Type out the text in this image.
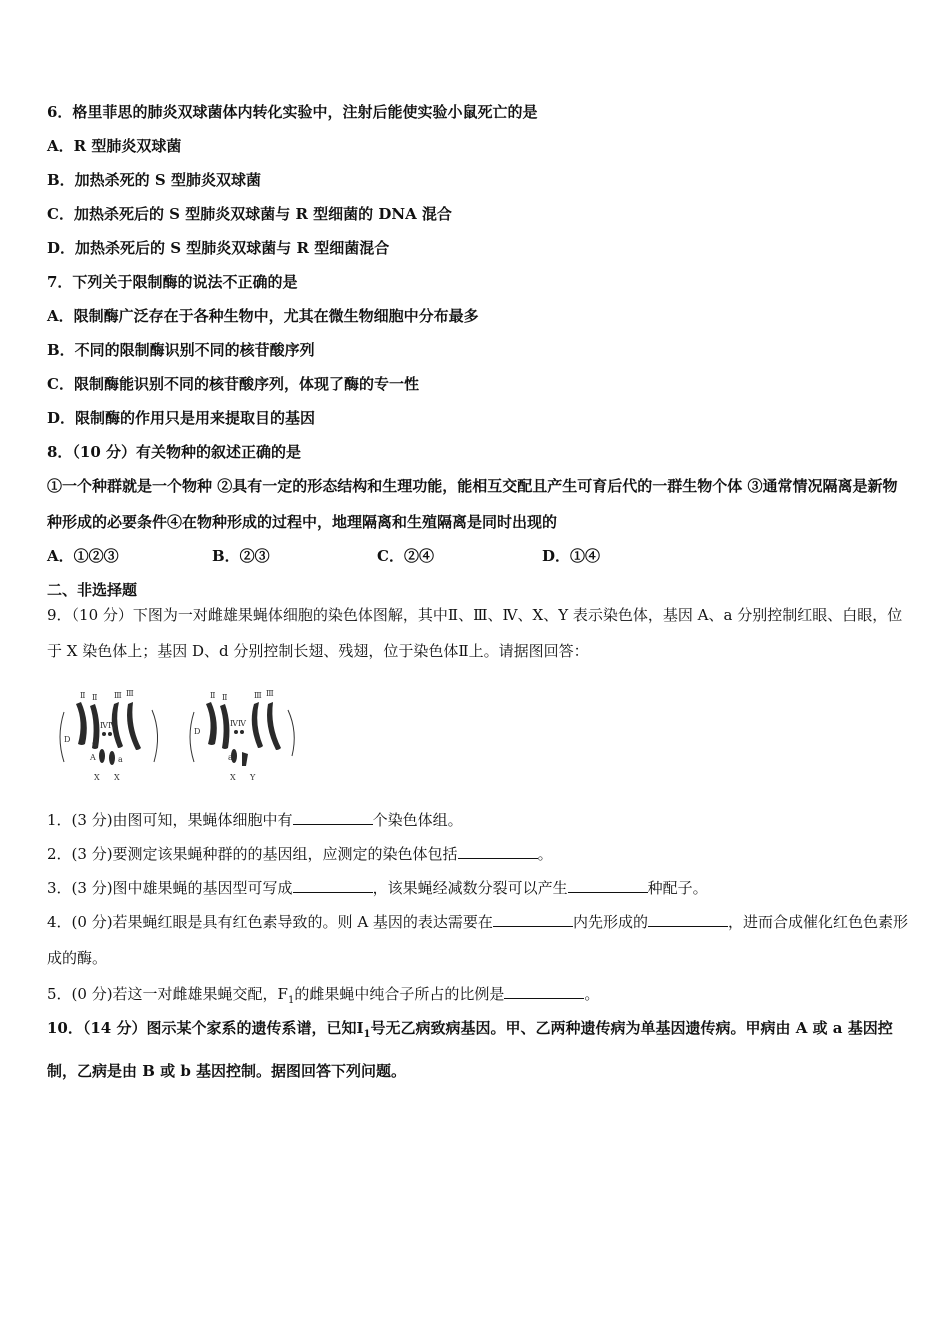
6．格里菲思的肺炎双球菌体内转化实验中，注射后能使实验小鼠死亡的是
A．R 型肺炎双球菌
B．加热杀死的 S 型肺炎双球菌
C．加热杀死后的 S 型肺炎双球菌与 R 型细菌的 DNA 混合
D．加热杀死后的 S 型肺炎双球菌与 R 型细菌混合
7．下列关于限制酶的说法不正确的是
A．限制酶广泛存在于各种生物中，尤其在微生物细胞中分布最多
B．不同的限制酶识别不同的核苷酸序列
C．限制酶能识别不同的核苷酸序列，体现了酶的专一性
D．限制酶的作用只是用来提取目的基因
8．（10 分）有关物种的叙述正确的是
①一个种群就是一个物种 ②具有一定的形态结构和生理功能，能相互交配且产生可育后代的一群生物个体 ③通常情况隔离是新物种形成的必要条件④在物种形成的过程中，地理隔离和生殖隔离是同时出现的
A．①②③	B．②③	C．②④	D．①④
二、非选择题
9．（10 分）下图为一对雌雄果蝇体细胞的染色体图解，其中Ⅱ、Ⅲ、Ⅳ、X、Y 表示染色体，基因 A、a 分别控制红眼、白眼，位于 X 染色体上；基因 D、d 分别控制长翅、残翅，位于染色体Ⅱ上。请据图回答：
Ⅱ Ⅱ Ⅲ Ⅲ
Ⅳ Ⅳ
D	d
A	a
X X
Ⅱ Ⅱ	Ⅲ Ⅲ
Ⅳ Ⅳ
D
d
a
X Y
1．(3 分)由图可知，果蝇体细胞中有	个染色体组。
2．(3 分)要测定该果蝇种群的的基因组，应测定的染色体包括	。
3．(3 分)图中雄果蝇的基因型可写成	，该果蝇经减数分裂可以产生	种配子。
4．(0 分)若果蝇红眼是具有红色素导致的。则 A 基因的表达需要在	内先形成的	，进而合成催化红色色素形成的酶。
5．(0 分)若这一对雌雄果蝇交配，$F_1$的雌果蝇中纯合子所占的比例是	。
10．（14 分）图示某个家系的遗传系谱，已知$Ⅰ_1$号无乙病致病基因。甲、乙两种遗传病为单基因遗传病。甲病由 A 或 a 基因控制，乙病是由 B 或 b 基因控制。据图回答下列问题。
